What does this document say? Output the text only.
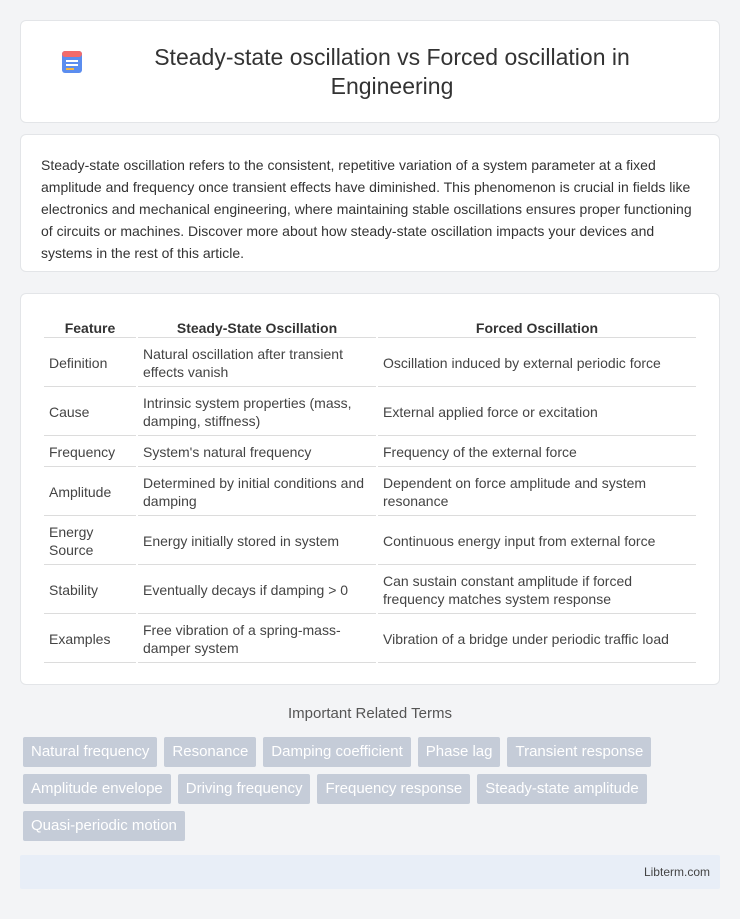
Steady-state oscillation vs Forced oscillation in Engineering

Steady-state oscillation refers to the consistent, repetitive variation of a system parameter at a fixed amplitude and frequency once transient effects have diminished. This phenomenon is crucial in fields like electronics and mechanical engineering, where maintaining stable oscillations ensures proper functioning of circuits or machines. Discover more about how steady-state oscillation impacts your devices and systems in the rest of this article.

Feature	Steady-State Oscillation	Forced Oscillation
Definition	Natural oscillation after transient effects vanish	Oscillation induced by external periodic force
Cause	Intrinsic system properties (mass, damping, stiffness)	External applied force or excitation
Frequency	System's natural frequency	Frequency of the external force
Amplitude	Determined by initial conditions and damping	Dependent on force amplitude and system resonance
Energy Source	Energy initially stored in system	Continuous energy input from external force
Stability	Eventually decays if damping > 0	Can sustain constant amplitude if forced frequency matches system response
Examples	Free vibration of a spring-mass-damper system	Vibration of a bridge under periodic traffic load
Important Related Terms
Natural frequency	Resonance	Damping coefficient	Phase lag	Transient response
Amplitude envelope	Driving frequency	Frequency response	Steady-state amplitude
Quasi-periodic motion
Libterm.com
